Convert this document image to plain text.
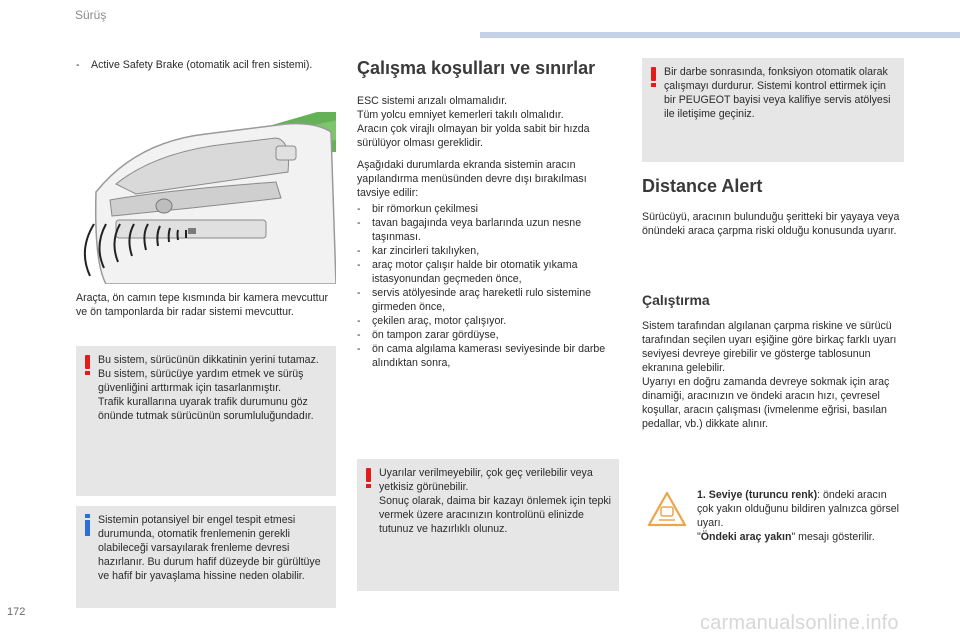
Sürüş
-	Active Safety Brake (otomatik acil fren sistemi).
Araçta, ön camın tepe kısmında bir kamera mevcuttur ve ön tamponlarda bir radar sistemi mevcuttur.
Bu sistem, sürücünün dikkatinin yerini tutamaz.
Bu sistem, sürücüye yardım etmek ve sürüş güvenliğini arttırmak için tasarlanmıştır.
Trafik kurallarına uyarak trafik durumunu göz önünde tutmak sürücünün sorumluluğundadır.
Sistemin potansiyel bir engel tespit etmesi durumunda, otomatik frenlemenin gerekli olabileceği varsayılarak frenleme devresi hazırlanır. Bu durum hafif düzeyde bir gürültüye ve hafif bir yavaşlama hissine neden olabilir.
Çalışma koşulları ve sınırlar
ESC sistemi arızalı olmamalıdır.
Tüm yolcu emniyet kemerleri takılı olmalıdır.
Aracın çok virajlı olmayan bir yolda sabit bir hızda sürülüyor olması gereklidir.
Aşağıdaki durumlarda ekranda sistemin aracın yapılandırma menüsünden devre dışı bırakılması tavsiye edilir:
-	bir römorkun çekilmesi
-	tavan bagajında veya barlarında uzun nesne taşınması.
-	kar zincirleri takılıyken,
-	araç motor çalışır halde bir otomatik yıkama istasyonundan geçmeden önce,
-	servis atölyesinde araç hareketli rulo sistemine girmeden önce,
-	çekilen araç, motor çalışıyor.
-	ön tampon zarar gördüyse,
-	ön cama algılama kamerası seviyesinde bir darbe alındıktan sonra,
Uyarılar verilmeyebilir, çok geç verilebilir veya yetkisiz görünebilir.
Sonuç olarak, daima bir kazayı önlemek için tepki vermek üzere aracınızın kontrolünü elinizde tutunuz ve hazırlıklı olunuz.
Bir darbe sonrasında, fonksiyon otomatik olarak çalışmayı durdurur. Sistemi kontrol ettirmek için bir PEUGEOT bayisi veya kalifiye servis atölyesi ile iletişime geçiniz.
Distance Alert
Sürücüyü, aracının bulunduğu şeritteki bir yayaya veya önündeki araca çarpma riski olduğu konusunda uyarır.
Çalıştırma
Sistem tarafından algılanan çarpma riskine ve sürücü tarafından seçilen uyarı eşiğine göre birkaç farklı uyarı seviyesi devreye girebilir ve gösterge tablosunun ekranına gelebilir.
Uyarıyı en doğru zamanda devreye sokmak için araç dinamiği, aracınızın ve öndeki aracın hızı, çevresel koşullar, aracın çalışması (ivmelenme eğrisi, basılan pedallar, vb.) dikkate alınır.
1. Seviye (turuncu renk): öndeki aracın çok yakın olduğunu bildiren yalnızca görsel uyarı.
"Öndeki araç yakın" mesajı gösterilir.
172	carmanualsonline.info
